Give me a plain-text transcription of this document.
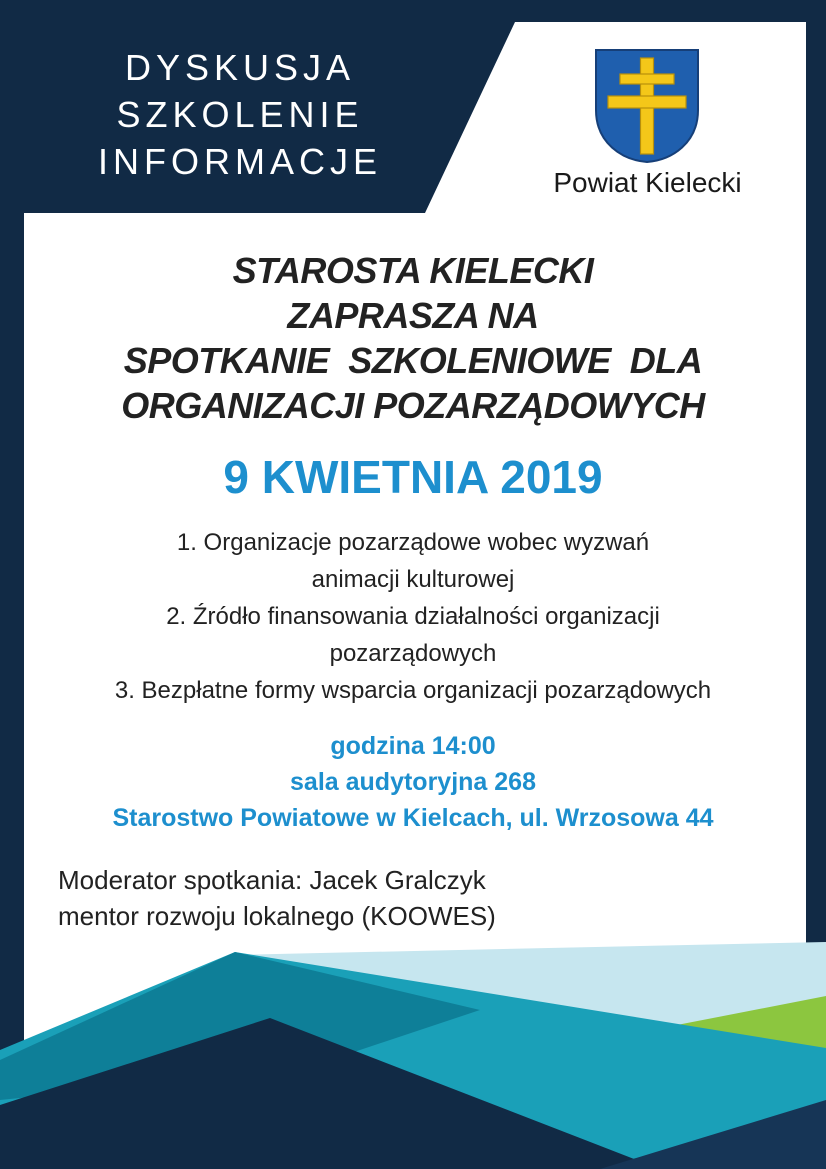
DYSKUSJA
SZKOLENIE
INFORMACJE
Powiat Kielecki
STAROSTA KIELECKI
ZAPRASZA NA
SPOTKANIE  SZKOLENIOWE  DLA
ORGANIZACJI POZARZĄDOWYCH
9 KWIETNIA 2019
1. Organizacje pozarządowe wobec wyzwań
animacji kulturowej
2. Źródło finansowania działalności organizacji
pozarządowych
3. Bezpłatne formy wsparcia organizacji pozarządowych
godzina 14:00
sala audytoryjna 268
Starostwo Powiatowe w Kielcach, ul. Wrzosowa 44
Moderator spotkania: Jacek Gralczyk
mentor rozwoju lokalnego (KOOWES)
